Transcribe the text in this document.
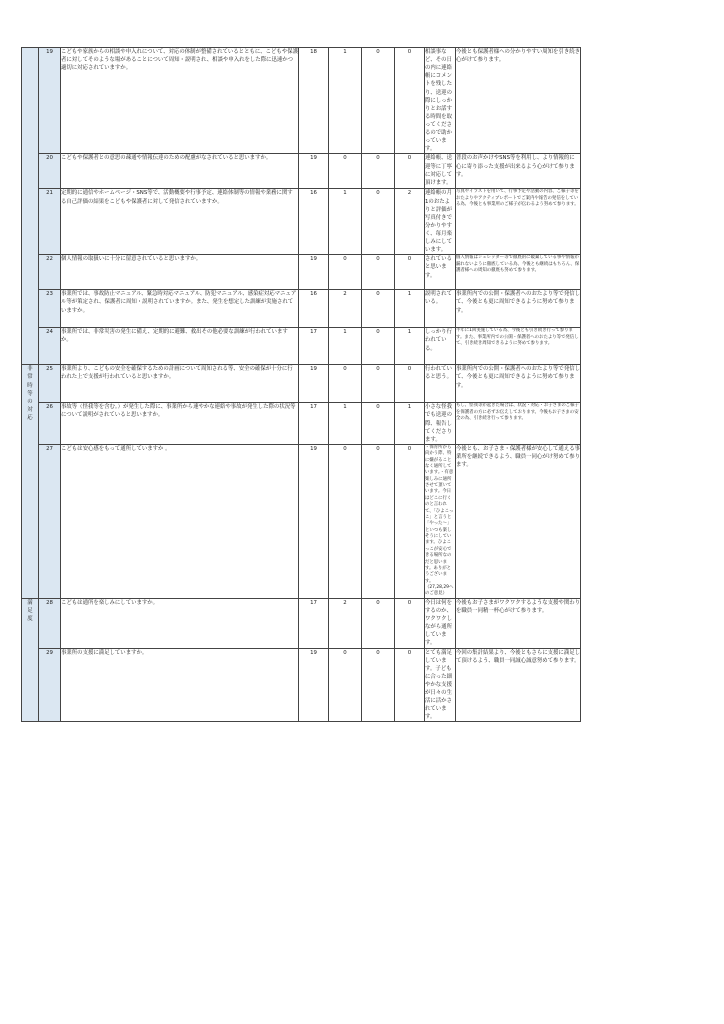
	19	こどもや家族からの相談や申入れについて、対応の体制が整備されているとともに、こどもや保護者に対してそのような場があることについて周知・説明され、相談や申入れをした際に迅速かつ適切に対応されていますか。	18	1	0	0	相談事など、その日の内に連絡帳にコメントを残したり、送迎の際にしっかりとお話する時間を取ってくださるので助かっています。	今後とも保護者様への分かりやすい周知を引き続き心がけて参ります。
	20	こどもや保護者との意思の疎通や情報伝達のための配慮がなされていると思いますか。	19	0	0	0	連絡帳、送迎等に丁寧に対応して頂けます。	普段のお声かけやSNS等を利用し、より情報的に心に寄り添った支援が出来るよう心がけて参ります。
	21	定期的に通信やホームページ・SNS等で、活動概要や行事予定、連絡体制等の情報や業務に関する自己評価の結果をこどもや保護者に対して発信されていますか。	16	1	0	2	連絡帳の月1のおたよりと評価が写真付きで分かりやすく、毎月楽しみにしています。	写真やイラストを用いて、行事予定や活動の内容、ご様子等をおたよりやアクティブレポートでご案内や報告の発信をしている為、今後とも事業所のご様子が伝わるよう努めて参ります。
	22	個人情報の取扱いに十分に留意されていると思いますか。	19	0	0	0	されていると思います。	個人情報はシュレッダー等で徹底的に破棄している事や情報が漏れないように徹底している為、今後とも継続はもちろん、保護者様への周知の徹底も努めて参ります。
	23	事業所では、事故防止マニュアル、緊急時対応マニュアル、防犯マニュアル、感染症対応マニュアル等が策定され、保護者に周知・説明されていますか。また、発生を想定した訓練が実施されていますか。	16	2	0	1	説明されている。	事業所内での公開・保護者へのおたより等で発信して、今後とも更に周知できるように努めて参ります。
	24	事業所では、非常災害の発生に備え、定期的に避難、救出その他必要な訓練が行われていますか。	17	1	0	1	しっかり行われている。	半年に1回実施している為、今後とも引き続き行って参ります。また、事業所内での公開・保護者へのおたより等で発信して、引き続き周知できるように努めて参ります。
非常時等の対応	25	事業所より、こどもの安全を確保するための計画について周知される等、安全の確保が十分に行われた上で支援が行われていると思いますか。	19	0	0	0	行われていると思う。	事業所内での公開・保護者へのおたより等で発信して、今後とも更に周知できるように努めて参ります。
	26	事故等（怪我等を含む。）が発生した際に、事業所から速やかな連絡や事故が発生した際の状況等について説明がされていると思いますか。	17	1	0	1	小さな怪我でも送迎の際、報告してくださります。	もし、怪我等が起きた場合は、状況・対応・お子さまのご様子を保護者の方に必ずお伝えしております。今後もお子さまの安全の為、引き続き行って参ります。
	27	こどもは安心感をもって通所していますか 。	19	0	0	0	・保育所から向かう際、特に嫌がることなく通所しています。・有意楽しみに通所させて頂いています。今日はどこに行くのと言われて、「ひよこっこ」と言うと「やった～」といつも楽しそうにしています。ひよこっこが安心できる場所なのだと思います。ありがとうございます。（27,28,29へのご意見）	今後とも、お子さま・保護者様が安心して通える事業所を継続できるよう、職員一同心がけ努めて参ります。
満足度	28	こどもは通所を楽しみにしていますか。	17	2	0	0	今日は何をするのか、ワクワクしながら通所しています。	今後もお子さまがワクワクするような支援や関わりを職員一同精一杯心がけて参ります。
	29	事業所の支援に満足していますか。	19	0	0	0	とても満足しています。子どもに合った細やかな支援が日々の生活に活かされています。	今回の集計結果より、今後ともさらに支援に満足して頂けるよう、職員一同誠心誠意努めて参ります。
